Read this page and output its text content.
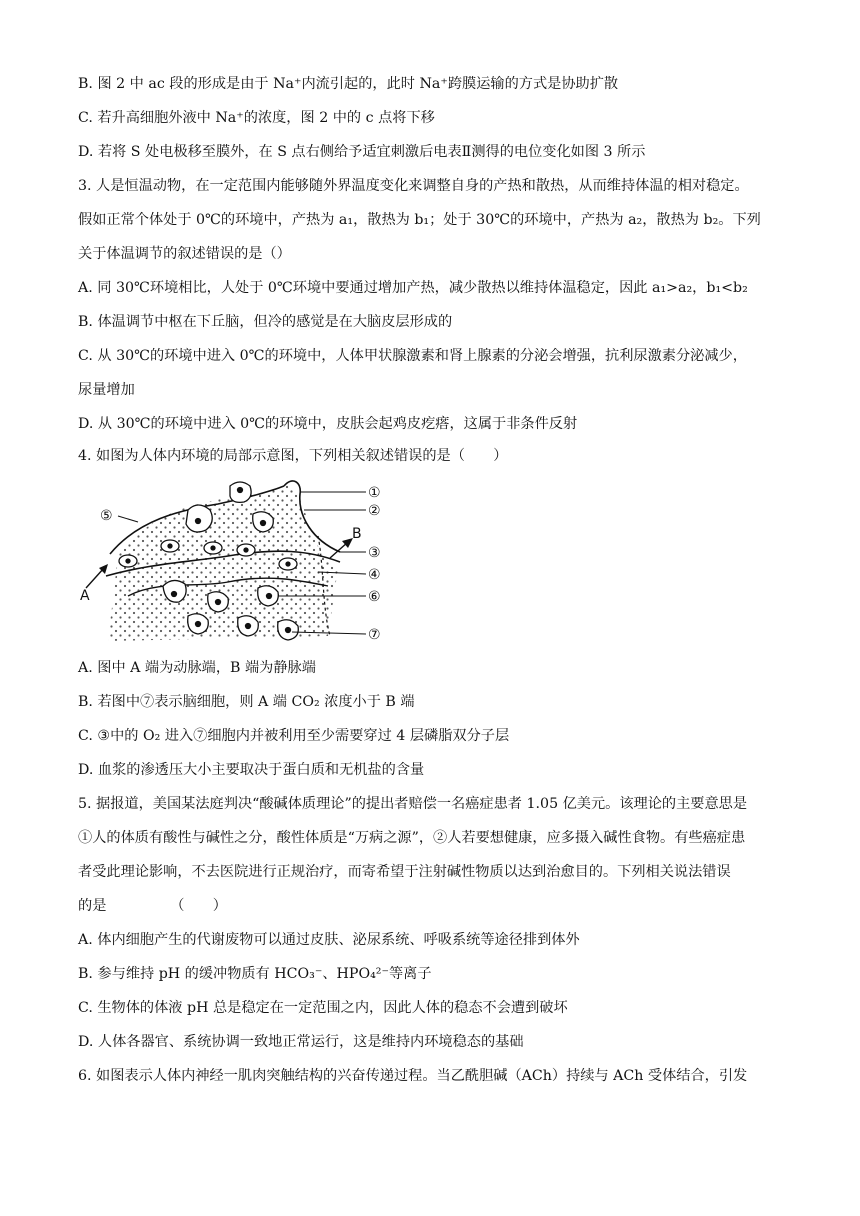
B. 图 2 中 ac 段的形成是由于 Na⁺内流引起的，此时 Na⁺跨膜运输的方式是协助扩散
C. 若升高细胞外液中 Na⁺的浓度，图 2 中的 c 点将下移
D. 若将 S 处电极移至膜外，在 S 点右侧给予适宜刺激后电表Ⅱ测得的电位变化如图 3 所示
3. 人是恒温动物，在一定范围内能够随外界温度变化来调整自身的产热和散热，从而维持体温的相对稳定。
假如正常个体处于 0℃的环境中，产热为 a₁，散热为 b₁；处于 30℃的环境中，产热为 a₂，散热为 b₂。下列
关于体温调节的叙述错误的是（）
A. 同 30℃环境相比，人处于 0℃环境中要通过增加产热，减少散热以维持体温稳定，因此 a₁>a₂，b₁<b₂
B. 体温调节中枢在下丘脑，但冷的感觉是在大脑皮层形成的
C. 从 30℃的环境中进入 0℃的环境中，人体甲状腺激素和肾上腺素的分泌会增强，抗利尿激素分泌减少，
尿量增加
D. 从 30℃的环境中进入 0℃的环境中，皮肤会起鸡皮疙瘩，这属于非条件反射
4. 如图为人体内环境的局部示意图，下列相关叙述错误的是（　　）
A
B
①
②
③
④
⑤
⑥
⑦
A. 图中 A 端为动脉端，B 端为静脉端
B. 若图中⑦表示脑细胞，则 A 端 CO₂ 浓度小于 B 端
C. ③中的 O₂ 进入⑦细胞内并被利用至少需要穿过 4 层磷脂双分子层
D. 血浆的渗透压大小主要取决于蛋白质和无机盐的含量
5. 据报道，美国某法庭判决“酸碱体质理论”的提出者赔偿一名癌症患者 1.05 亿美元。该理论的主要意思是
①人的体质有酸性与碱性之分，酸性体质是“万病之源”，②人若要想健康，应多摄入碱性食物。有些癌症患
者受此理论影响，不去医院进行正规治疗，而寄希望于注射碱性物质以达到治愈目的。下列相关说法错误
的是　　　　　（　　）
A. 体内细胞产生的代谢废物可以通过皮肤、泌尿系统、呼吸系统等途径排到体外
B. 参与维持 pH 的缓冲物质有 HCO₃⁻、HPO₄²⁻等离子
C. 生物体的体液 pH 总是稳定在一定范围之内，因此人体的稳态不会遭到破坏
D. 人体各器官、系统协调一致地正常运行，这是维持内环境稳态的基础
6. 如图表示人体内神经一肌肉突触结构的兴奋传递过程。当乙酰胆碱（ACh）持续与 ACh 受体结合，引发
